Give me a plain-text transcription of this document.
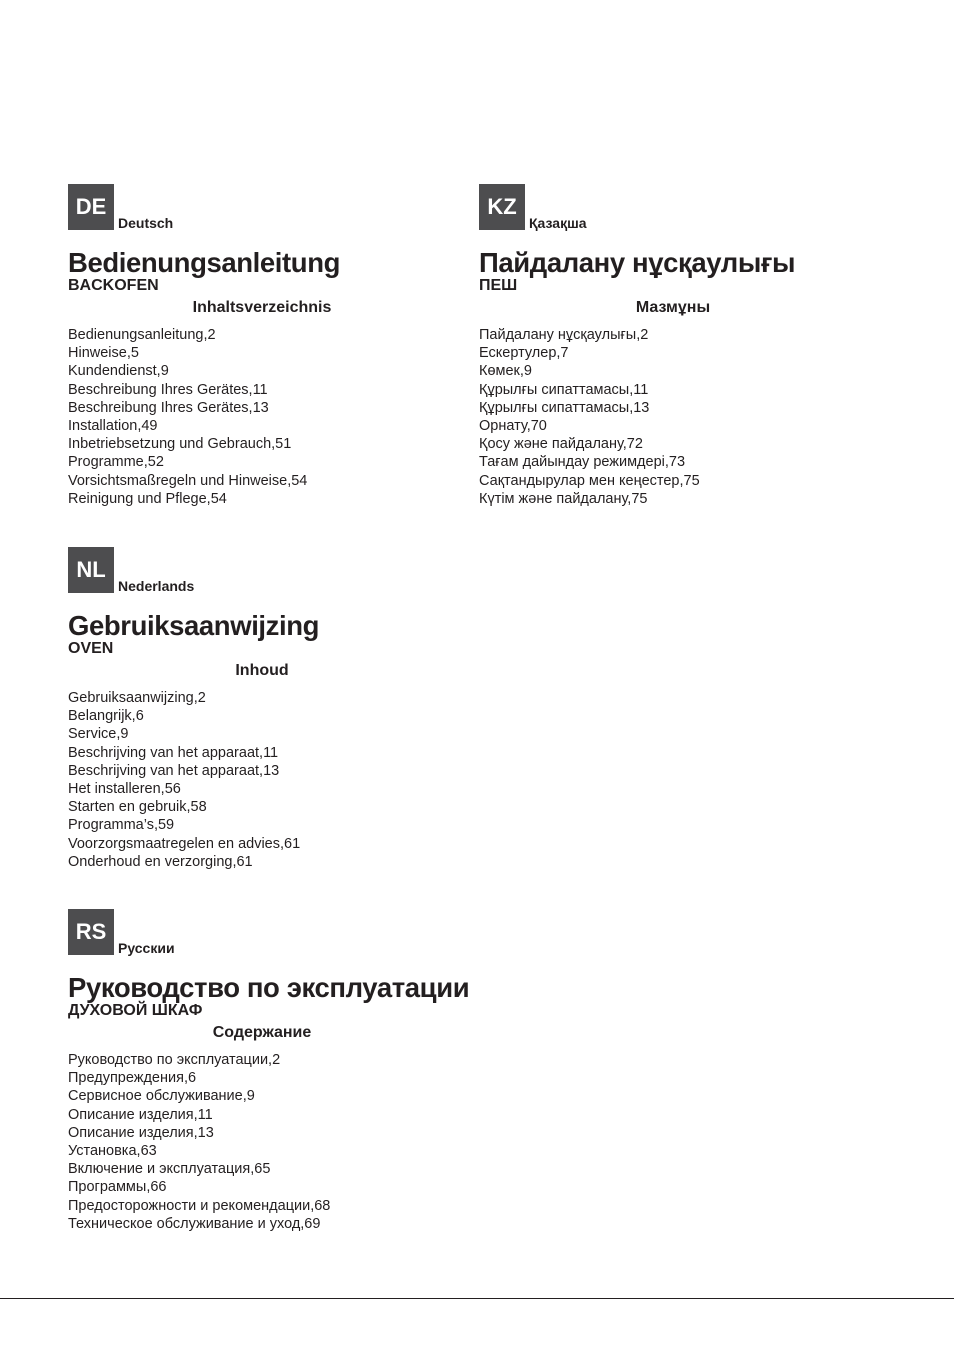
DE
Deutsch
Bedienungsanleitung
BACKOFEN
Inhaltsverzeichnis
Bedienungsanleitung,2
Hinweise,5
Kundendienst,9
Beschreibung Ihres Gerätes,11
Beschreibung Ihres Gerätes,13
Installation,49
Inbetriebsetzung und Gebrauch,51
Programme,52
Vorsichtsmaßregeln und Hinweise,54
Reinigung und Pflege,54
KZ
Қазақша
Пайдалану нұсқаулығы
ПЕШ
Мазмұны
Пайдалану нұсқаулығы,2
Ескертулер,7
Көмек,9
Құрылғы сипаттамасы,11
Құрылғы сипаттамасы,13
Орнату,70
Қосу және пайдалану,72
Тағам дайындау режимдері,73
Сақтандырулар мен кеңестер,75
Күтім және пайдалану,75
NL
Nederlands
Gebruiksaanwijzing
OVEN
Inhoud
Gebruiksaanwijzing,2
Belangrijk,6
Service,9
Beschrijving van het apparaat,11
Beschrijving van het apparaat,13
Het installeren,56
Starten en gebruik,58
Programma’s,59
Voorzorgsmaatregelen en advies,61
Onderhoud en verzorging,61
RS
Русскии
Руководство по эксплуатации
ДУХОВОЙ ШКАФ
Содержание
Руководство по эксплуатации,2
Предупреждения,6
Сервисное обслуживание,9
Описание изделия,11
Описание изделия,13
Установка,63
Включение и эксплуатация,65
Программы,66
Предосторожности и рекомендации,68
Техническое обслуживание и уход,69
